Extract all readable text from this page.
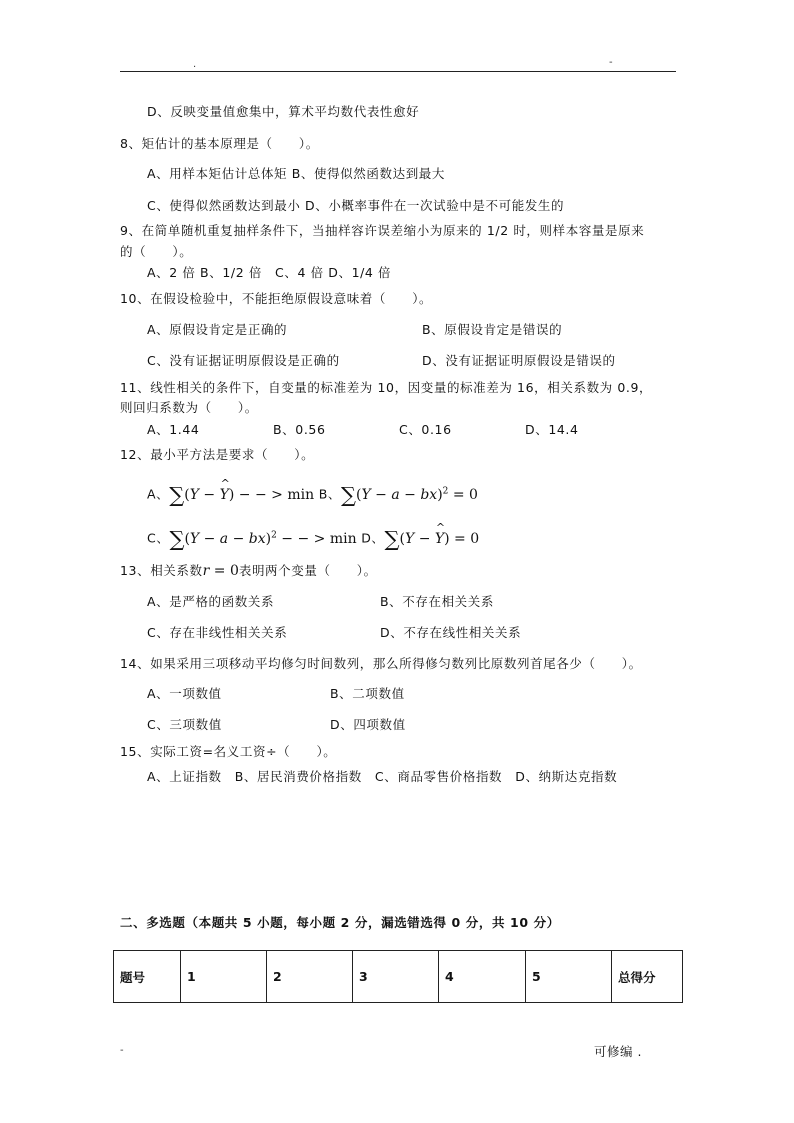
.	-
D、反映变量值愈集中，算术平均数代表性愈好
8、矩估计的基本原理是（　　）。
A、用样本矩估计总体矩 B、使得似然函数达到最大
C、使得似然函数达到最小 D、小概率事件在一次试验中是不可能发生的
9、在简单随机重复抽样条件下，当抽样容许误差缩小为原来的 1/2 时，则样本容量是原来
的（　　）。
A、2 倍 B、1/2 倍　C、4 倍 D、1/4 倍
10、在假设检验中，不能拒绝原假设意味着（　　）。
A、原假设肯定是正确的	B、原假设肯定是错误的
C、没有证据证明原假设是正确的	D、没有证据证明原假设是错误的
11、线性相关的条件下，自变量的标准差为 10，因变量的标准差为 16，相关系数为 0.9，
则回归系数为（　　）。
A、1.44	B、0.56	C、0.16	D、14.4
12、最小平方法是要求（　　）。
A、∑(Y − ^ Y) − − > min B、∑(Y − a − bx)$^2$ = 0
C、∑(Y − a − bx)$^2$ − − > min D、∑(Y − ^ Y) = 0
13、相关系数r = 0表明两个变量（　　）。
A、是严格的函数关系	B、不存在相关关系
C、存在非线性相关关系	D、不存在线性相关关系
14、如果采用三项移动平均修匀时间数列，那么所得修匀数列比原数列首尾各少（　　）。
A、一项数值	B、二项数值
C、三项数值	D、四项数值
15、实际工资=名义工资÷（　　）。
A、上证指数　B、居民消费价格指数　C、商品零售价格指数　D、纳斯达克指数
二、多选题（本题共 5 小题，每小题 2 分，漏选错选得 0 分，共 10 分）
题号	1	2	3	4	5	总得分
-	可修编 .
